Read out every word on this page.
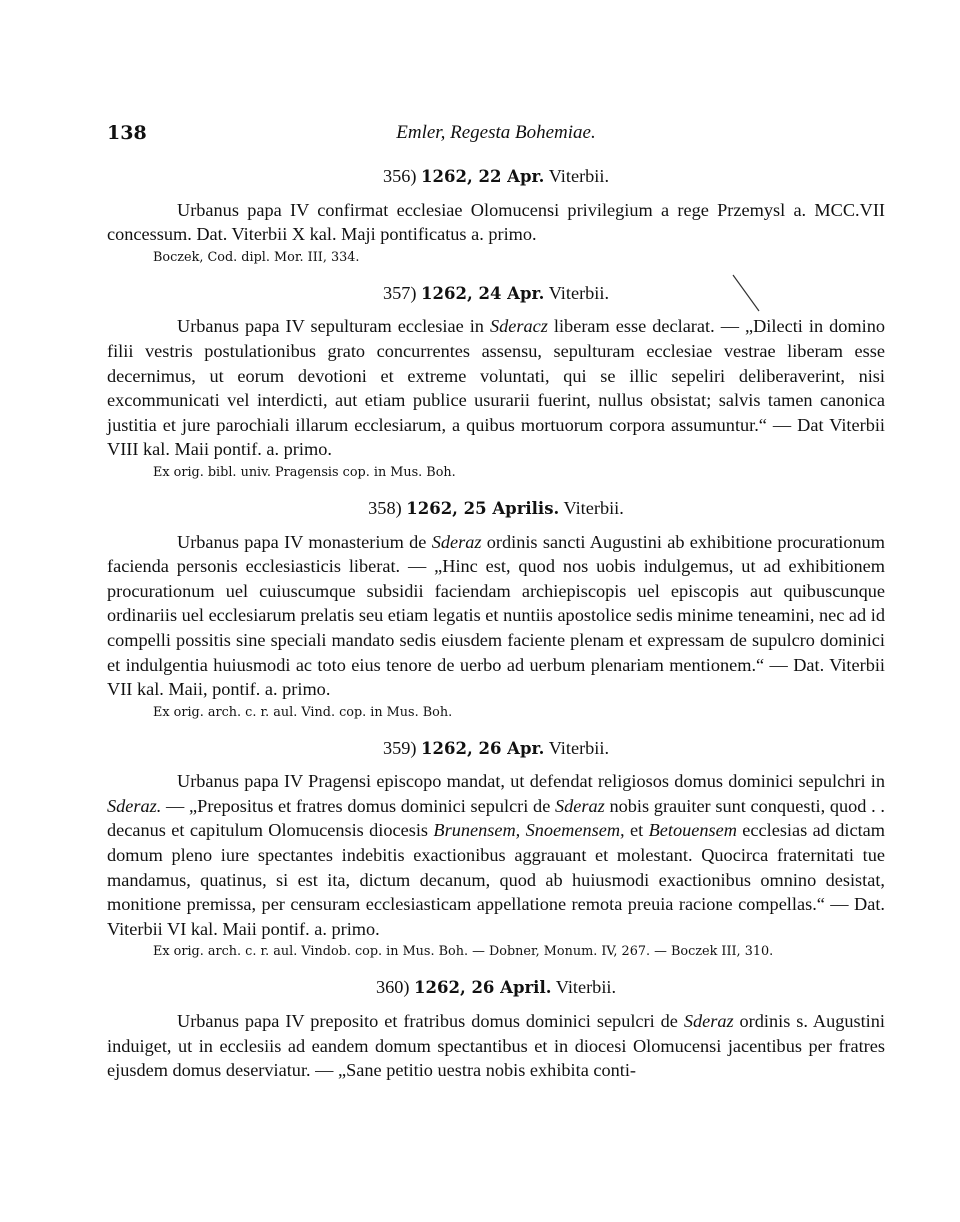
138	Emler, Regesta Bohemiae.
356) 1262, 22 Apr. Viterbii.

Urbanus papa IV confirmat ecclesiae Olomucensi privilegium a rege Przemysl a. MCC.VII concessum. Dat. Viterbii X kal. Maji pontificatus a. primo.

Boczek, Cod. dipl. Mor. III, 334.
357) 1262, 24 Apr. Viterbii.

Urbanus papa IV sepulturam ecclesiae in Sderacz liberam esse declarat. — „Dilecti in domino filii vestris postulationibus grato concurrentes assensu, sepulturam ecclesiae vestrae liberam esse decernimus, ut eorum devotioni et extreme voluntati, qui se illic sepeliri deliberaverint, nisi excommunicati vel interdicti, aut etiam publice usurarii fuerint, nullus obsistat; salvis tamen canonica justitia et jure parochiali illarum ecclesiarum, a quibus mortuorum corpora assumuntur.“ — Dat Viterbii VIII kal. Maii pontif. a. primo.

Ex orig. bibl. univ. Pragensis cop. in Mus. Boh.
358) 1262, 25 Aprilis. Viterbii.

Urbanus papa IV monasterium de Sderaz ordinis sancti Augustini ab exhibitione procurationum facienda personis ecclesiasticis liberat. — „Hinc est, quod nos uobis indulgemus, ut ad exhibitionem procurationum uel cuiuscumque subsidii faciendam archiepiscopis uel episcopis aut quibuscunque ordinariis uel ecclesiarum prelatis seu etiam legatis et nuntiis apostolice sedis minime teneamini, nec ad id compelli possitis sine speciali mandato sedis eiusdem faciente plenam et expressam de supulcro dominici et indulgentia huiusmodi ac toto eius tenore de uerbo ad uerbum plenariam mentionem.“ — Dat. Viterbii VII kal. Maii, pontif. a. primo.

Ex orig. arch. c. r. aul. Vind. cop. in Mus. Boh.
359) 1262, 26 Apr. Viterbii.

Urbanus papa IV Pragensi episcopo mandat, ut defendat religiosos domus dominici sepulchri in Sderaz. — „Prepositus et fratres domus dominici sepulcri de Sderaz nobis grauiter sunt conquesti, quod . . decanus et capitulum Olomucensis diocesis Brunensem, Snoemensem, et Betouensem ecclesias ad dictam domum pleno iure spectantes indebitis exactionibus aggrauant et molestant. Quocirca fraternitati tue mandamus, quatinus, si est ita, dictum decanum, quod ab huiusmodi exactionibus omnino desistat, monitione premissa, per censuram ecclesiasticam appellatione remota preuia racione compellas.“ — Dat. Viterbii VI kal. Maii pontif. a. primo.

Ex orig. arch. c. r. aul. Vindob. cop. in Mus. Boh. — Dobner, Monum. IV, 267. — Boczek III, 310.
360) 1262, 26 April. Viterbii.

Urbanus papa IV preposito et fratribus domus dominici sepulcri de Sderaz ordinis s. Augustini induiget, ut in ecclesiis ad eandem domum spectantibus et in diocesi Olomucensi jacentibus per fratres ejusdem domus deserviatur. — „Sane petitio uestra nobis exhibita conti-
